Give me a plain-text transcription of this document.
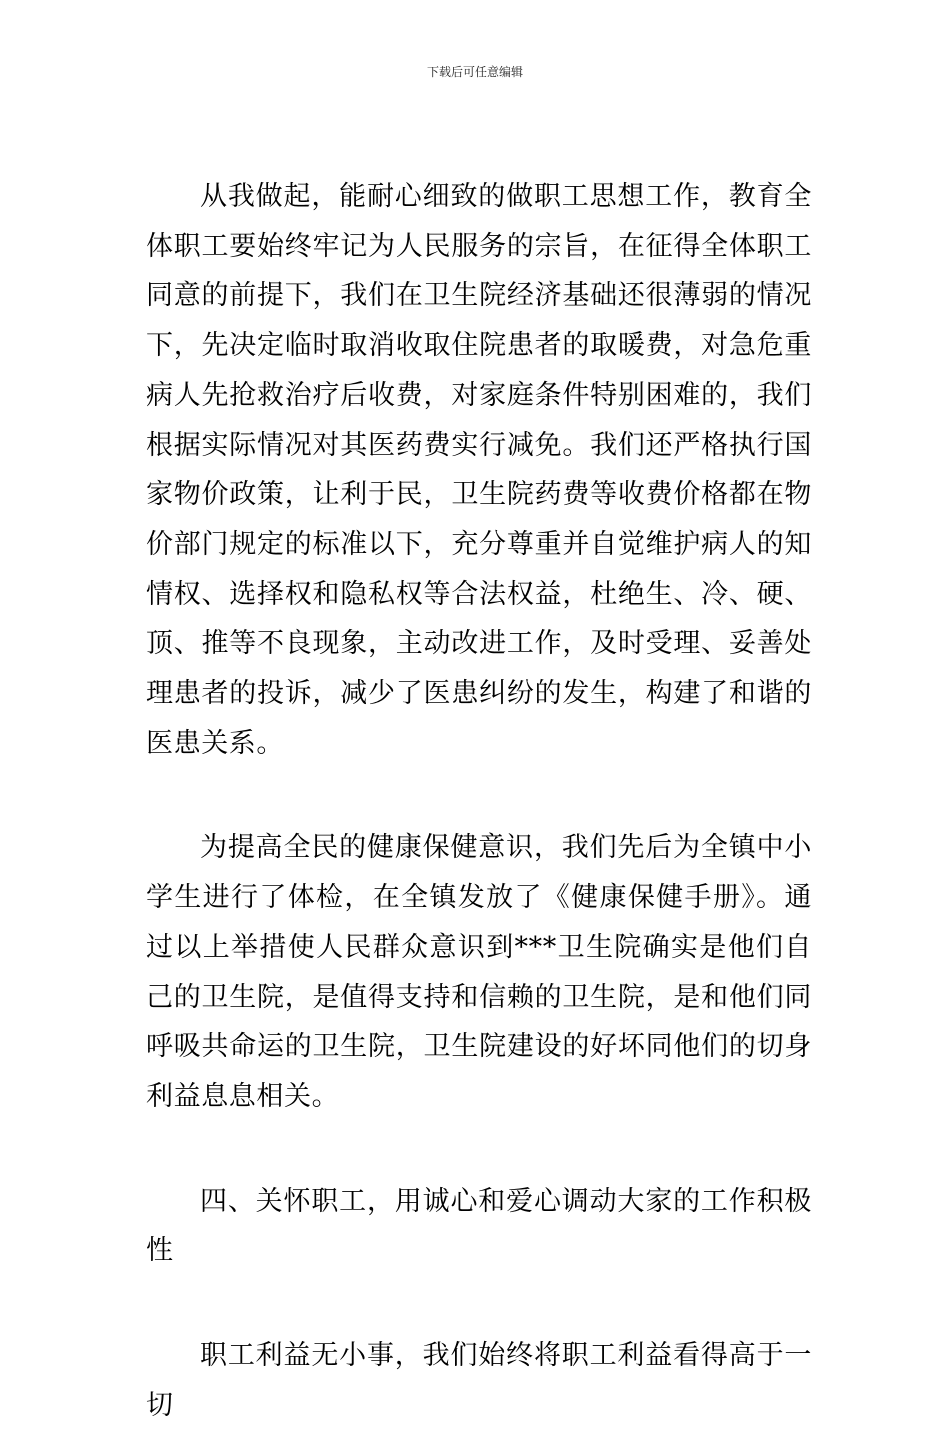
下载后可任意编辑

从我做起，能耐心细致的做职工思想工作，教育全体职工要始终牢记为人民服务的宗旨，在征得全体职工同意的前提下，我们在卫生院经济基础还很薄弱的情况下，先决定临时取消收取住院患者的取暖费，对急危重病人先抢救治疗后收费，对家庭条件特别困难的，我们根据实际情况对其医药费实行减免。我们还严格执行国家物价政策，让利于民，卫生院药费等收费价格都在物价部门规定的标准以下，充分尊重并自觉维护病人的知情权、选择权和隐私权等合法权益，杜绝生、冷、硬、顶、推等不良现象，主动改进工作，及时受理、妥善处理患者的投诉，减少了医患纠纷的发生，构建了和谐的医患关系。

为提高全民的健康保健意识，我们先后为全镇中小学生进行了体检，在全镇发放了《健康保健手册》。通过以上举措使人民群众意识到***卫生院确实是他们自己的卫生院，是值得支持和信赖的卫生院，是和他们同呼吸共命运的卫生院，卫生院建设的好坏同他们的切身利益息息相关。

四、关怀职工，用诚心和爱心调动大家的工作积极性

职工利益无小事，我们始终将职工利益看得高于一切
